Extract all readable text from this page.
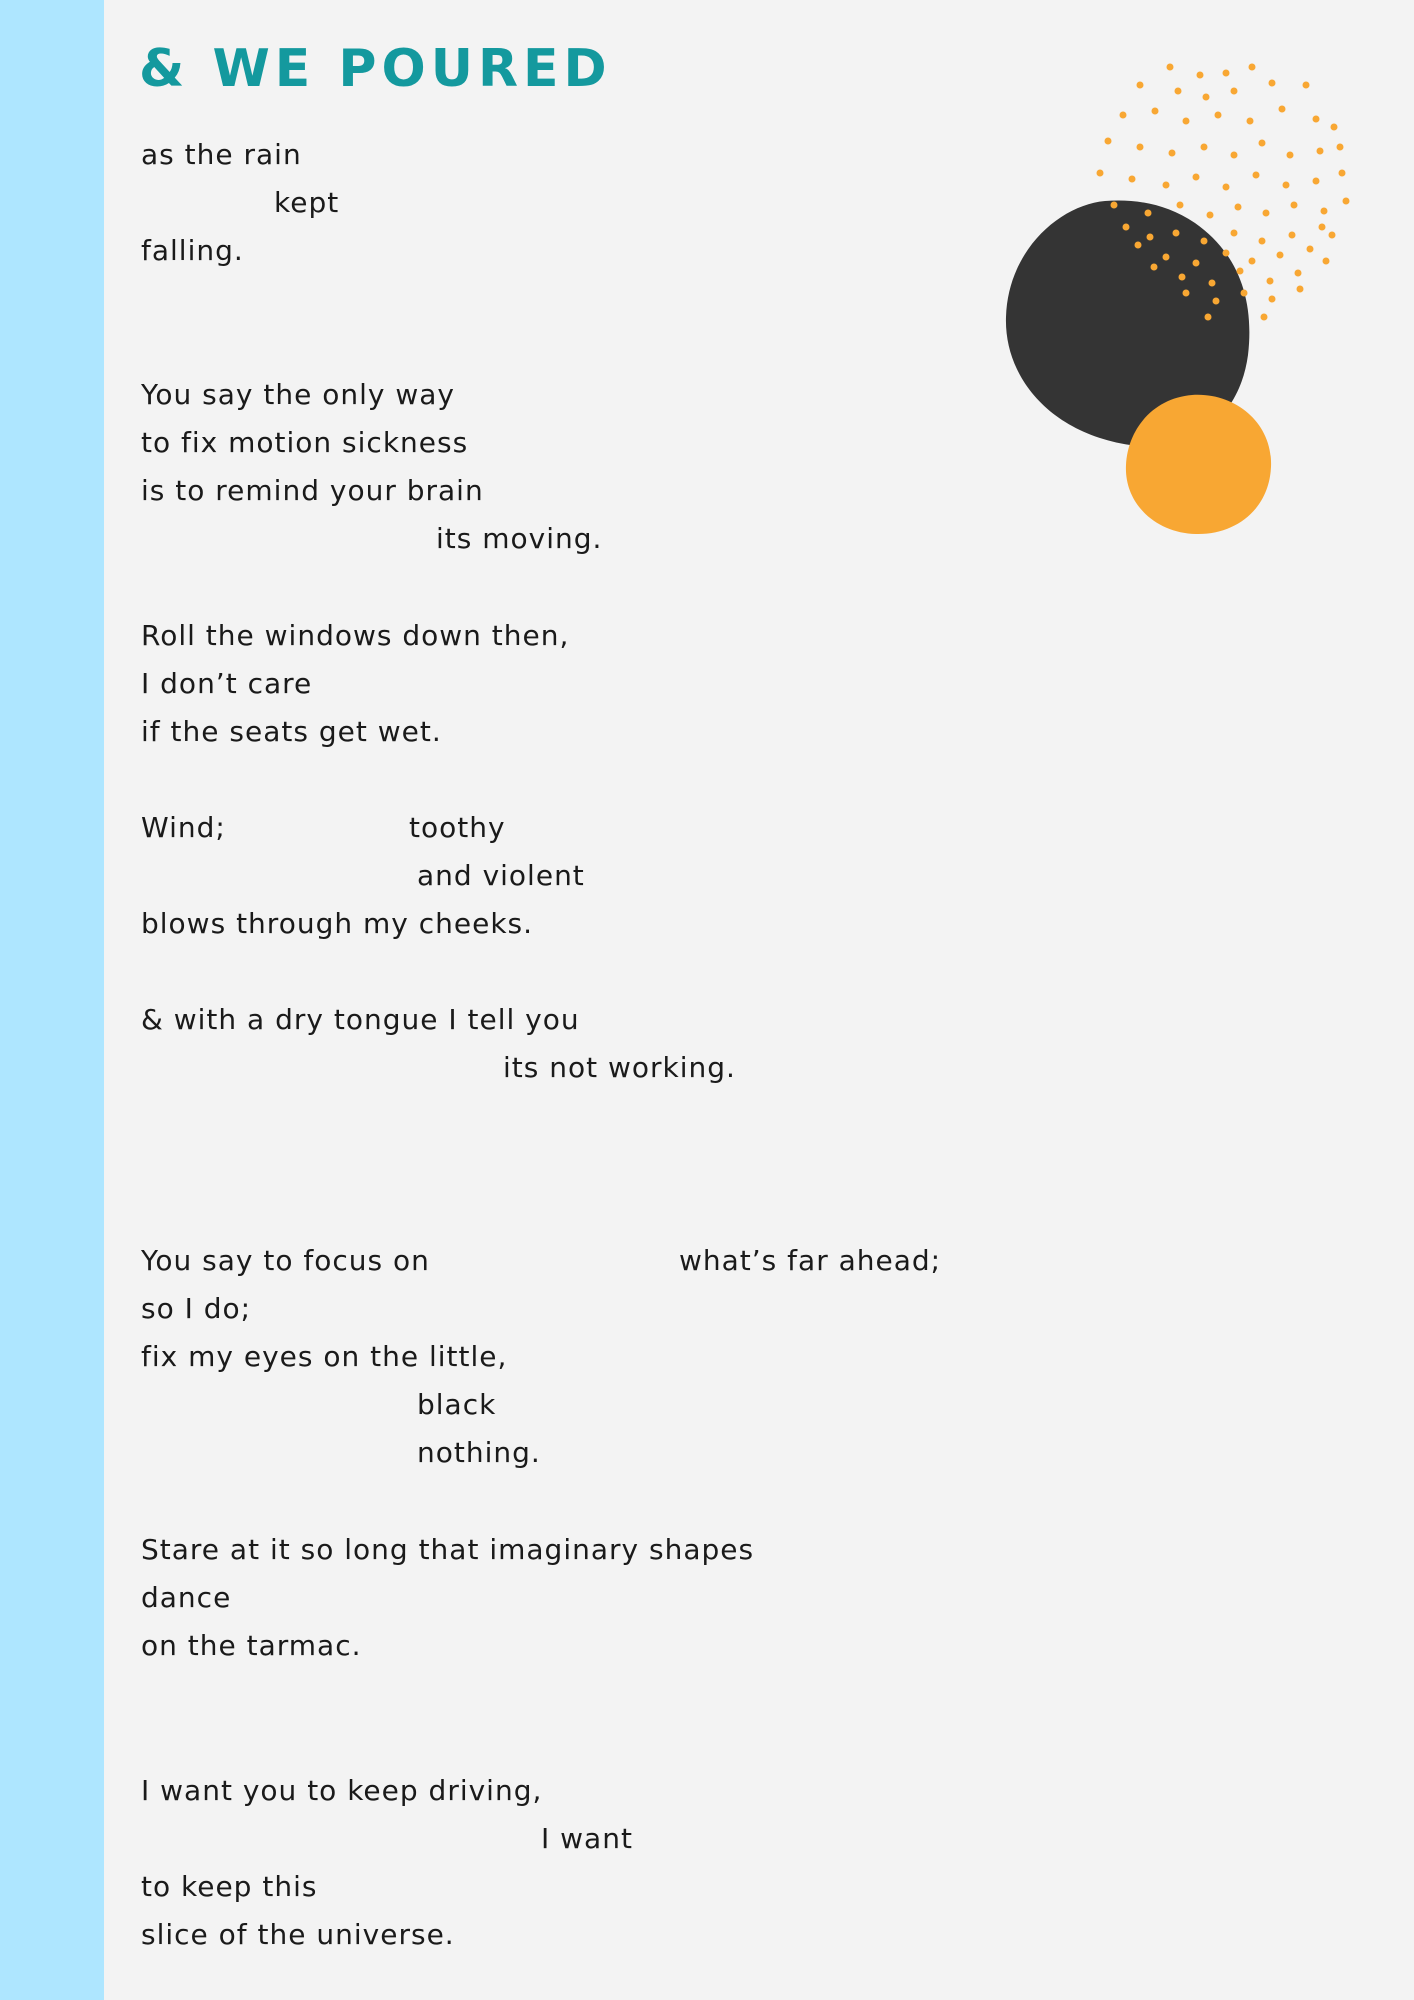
& WE POURED

as the rain

kept

falling.

You say the only way

to fix motion sickness

is to remind your brain

its moving.

Roll the windows down then,

I don’t care

if the seats get wet.

Wind;	toothy

and violent

blows through my cheeks.

& with a dry tongue I tell you

its not working.

You say to focus on	what’s far ahead;

so I do;

fix my eyes on the little,

black

nothing.

Stare at it so long that imaginary shapes

dance

on the tarmac.

I want you to keep driving,

I want

to keep this

slice of the universe.
